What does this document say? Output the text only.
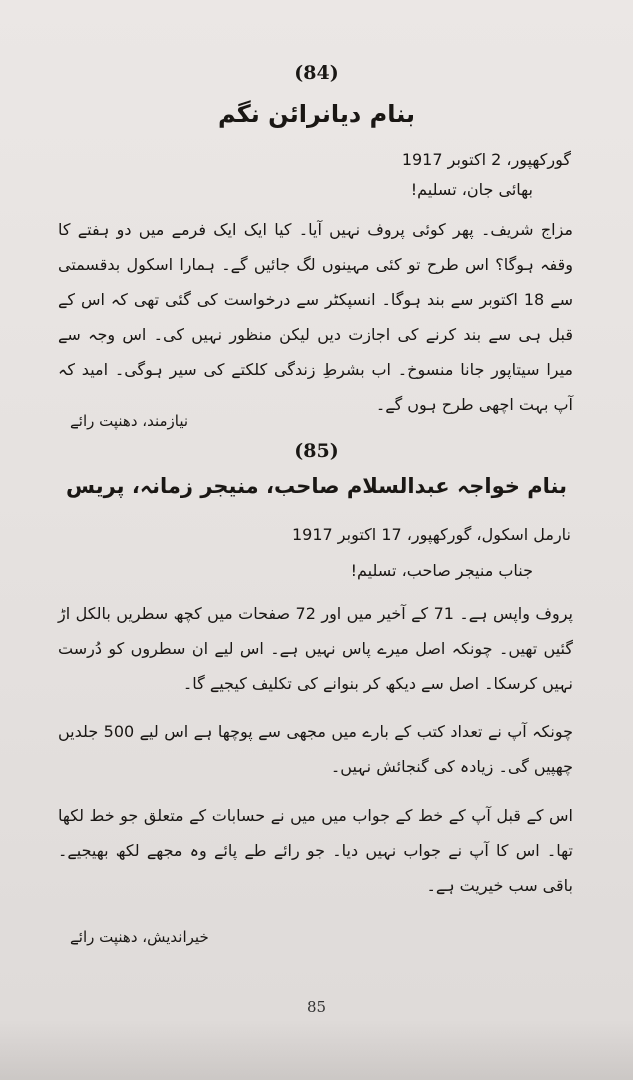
(84)
بنام دیانرائن نگم
گورکھپور، 2 اکتوبر 1917
بھائی جان، تسلیم!
مزاج شریف۔ پھر کوئی پروف نہیں آیا۔ کیا ایک ایک فرمے میں دو ہفتے کا وقفہ ہوگا؟ اس طرح تو کئی مہینوں لگ جائیں گے۔ ہمارا اسکول بدقسمتی سے 18 اکتوبر سے بند ہوگا۔ انسپکٹر سے درخواست کی گئی تھی کہ اس کے قبل ہی سے بند کرنے کی اجازت دیں لیکن منظور نہیں کی۔ اس وجہ سے میرا سیتاپور جانا منسوخ۔ اب بشرطِ زندگی کلکتے کی سیر ہوگی۔ امید کہ آپ بہت اچھی طرح ہوں گے۔
نیازمند، دھنپت رائے
(85)
بنام خواجہ عبدالسلام صاحب، منیجر زمانہ، پریس
نارمل اسکول، گورکھپور، 17 اکتوبر 1917
جناب منیجر صاحب، تسلیم!
پروف واپس ہے۔ 71 کے آخیر میں اور 72 صفحات میں کچھ سطریں بالکل اڑ گئیں تھیں۔ چونکہ اصل میرے پاس نہیں ہے۔ اس لیے ان سطروں کو دُرست نہیں کرسکا۔ اصل سے دیکھ کر بنوانے کی تکلیف کیجیے گا۔
چونکہ آپ نے تعداد کتب کے بارے میں مجھی سے پوچھا ہے اس لیے 500 جلدیں چھپیں گی۔ زیادہ کی گنجائش نہیں۔
اس کے قبل آپ کے خط کے جواب میں میں نے حسابات کے متعلق جو خط لکھا تھا۔ اس کا آپ نے جواب نہیں دیا۔ جو رائے طے پائے وہ مجھے لکھ بھیجیے۔ باقی سب خیریت ہے۔
خیراندیش، دھنپت رائے
85
